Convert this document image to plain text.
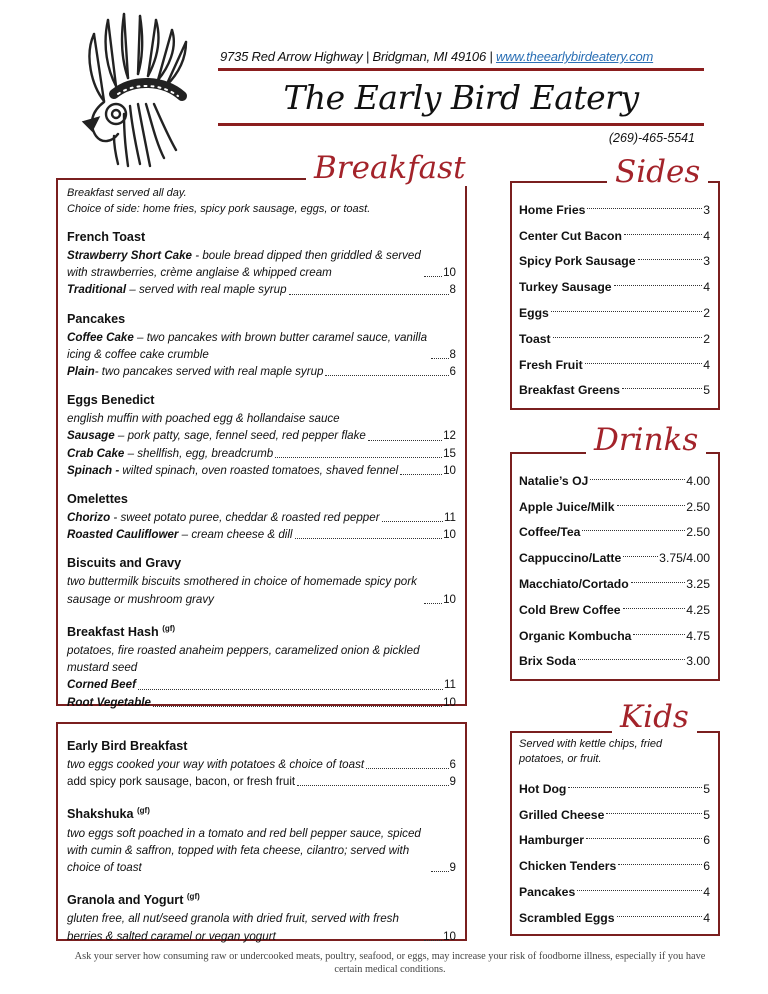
9735 Red Arrow Highway | Bridgman, MI 49106 | www.theearlybirdeatery.com
The Early Bird Eatery
(269)-465-5541
Breakfast served all day.
Choice of side: home fries, spicy pork sausage, eggs, or toast.
French Toast
Strawberry Short Cake - boule bread dipped then griddled & served with strawberries, crème anglaise & whipped cream	10
Traditional – served with real maple syrup	8
Pancakes
Coffee Cake – two pancakes with brown butter caramel sauce, vanilla icing & coffee cake crumble	8
Plain- two pancakes served with real maple syrup	6
Eggs Benedict
english muffin with poached egg & hollandaise sauce
Sausage – pork patty, sage, fennel seed, red pepper flake	12
Crab Cake – shellfish, egg, breadcrumb	15
Spinach - wilted spinach, oven roasted tomatoes, shaved fennel	10
Omelettes
Chorizo - sweet potato puree, cheddar & roasted red pepper	11
Roasted Cauliflower – cream cheese & dill	10
Biscuits and Gravy
two buttermilk biscuits smothered in choice of homemade spicy pork sausage or mushroom gravy	10
Breakfast Hash $^{(gf)}$
potatoes, fire roasted anaheim peppers, caramelized onion & pickled mustard seed
Corned Beef	11
Root Vegetable	10
Breakfast
Early Bird Breakfast
two eggs cooked your way with potatoes & choice of toast	6
add spicy pork sausage, bacon, or fresh fruit	9
Shakshuka $^{(gf)}$
two eggs soft poached in a tomato and red bell pepper sauce, spiced with cumin & saffron, topped with feta cheese, cilantro; served with choice of toast	9
Granola and Yogurt $^{(gf)}$
gluten free, all nut/seed granola with dried fruit, served with fresh berries & salted caramel or vegan yogurt	10
Home Fries	3
Center Cut Bacon	4
Spicy Pork Sausage	3
Turkey Sausage	4
Eggs	2
Toast	2
Fresh Fruit	4
Breakfast Greens	5
Sides
Natalie’s OJ	4.00
Apple Juice/Milk	2.50
Coffee/Tea	2.50
Cappuccino/Latte	3.75/4.00
Macchiato/Cortado	3.25
Cold Brew Coffee	4.25
Organic Kombucha	4.75
Brix Soda	3.00
Drinks
Served with kettle chips, fried potatoes, or fruit.
Hot Dog	5
Grilled Cheese	5
Hamburger	6
Chicken Tenders	6
Pancakes	4
Scrambled Eggs	4
Kids
Ask your server how consuming raw or undercooked meats, poultry, seafood, or eggs, may increase your risk of foodborne illness, especially if you have certain medical conditions.
